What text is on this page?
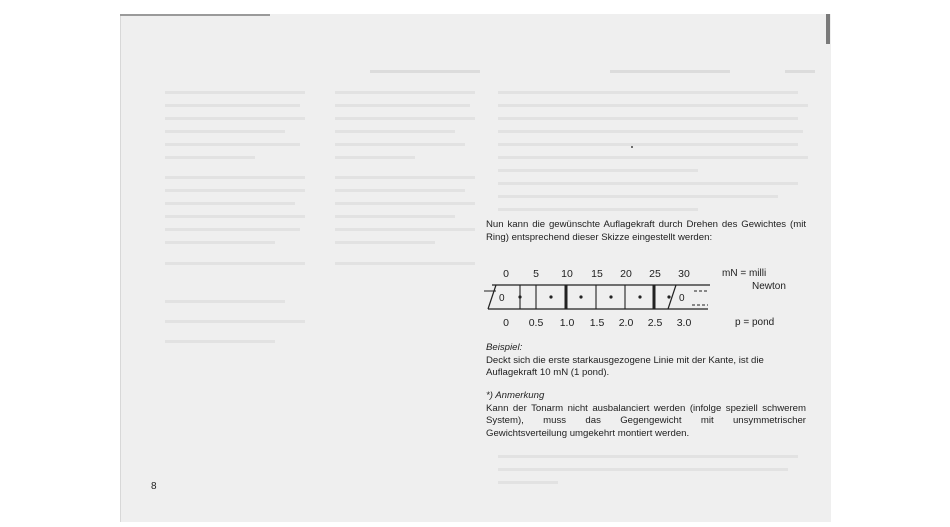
Nun kann die gewünschte Auflagekraft durch Drehen des Gewichtes (mit Ring) entsprechend dieser Skizze eingestellt werden:
0 5 10 15 20 25 30	mN = milli
Newton
0	0
0 0.5 1.0 1.5 2.0 2.5 3.0	p = pond
Beispiel:
Deckt sich die erste starkausgezogene Linie mit der Kante, ist die Auflagekraft 10 mN (1 pond).
*) Anmerkung
Kann der Tonarm nicht ausbalanciert werden (infolge speziell schwerem System), muss das Gegengewicht mit unsymmetrischer Gewichtsverteilung umgekehrt montiert werden.
8
